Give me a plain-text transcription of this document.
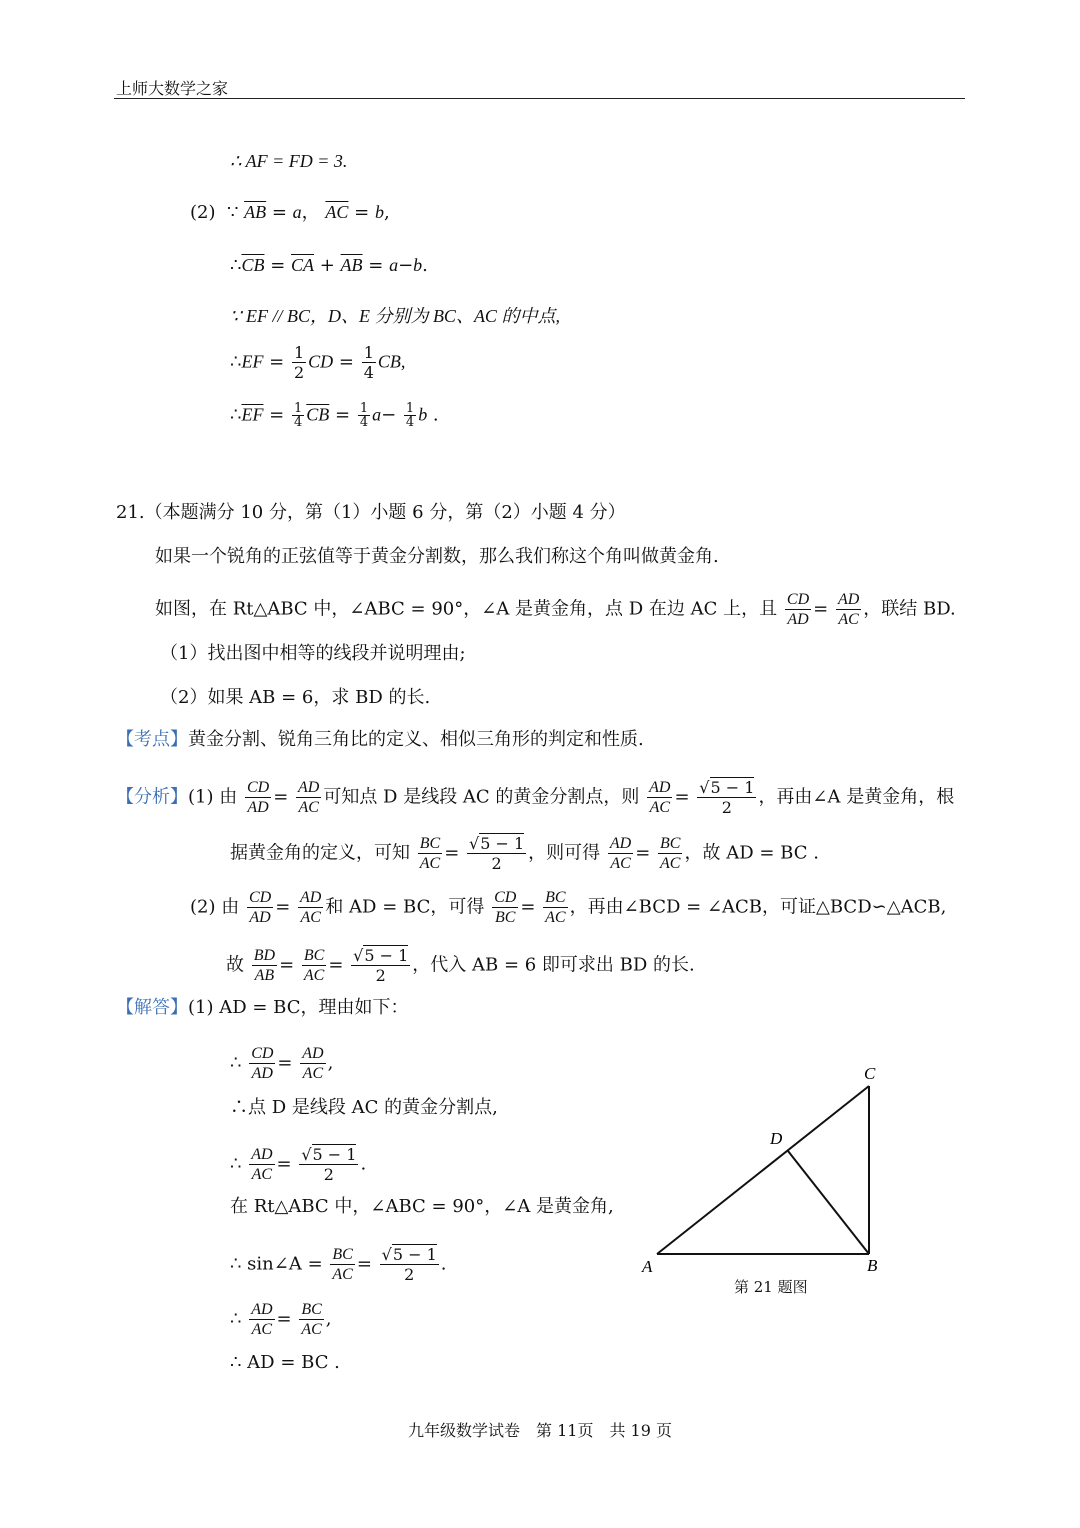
上师大数学之家
∴ AF = FD = 3.
(2) ∵ $\overline{AB} = a$， $\overline{AC} = b$,
$\therefore\overline{CB} = \overline{CA} + \overline{AB} = a-b$.
∵ EF // BC，D、E 分别为 BC、AC 的中点,
∴EF = $\frac{1}{2}$ CD = $\frac{1}{4}$ CB,
$\therefore\overline{EF} = \frac{1}{4} \overline{CB} = \frac{1}{4} a- \frac{1}{4}$ b .
21.（本题满分 10 分，第（1）小题 6 分，第（2）小题 4 分）
如果一个锐角的正弦值等于黄金分割数，那么我们称这个角叫做黄金角.
如图，在 Rt△ABC 中，∠ABC = 90°，∠A 是黄金角，点 D 在边 AC 上，且 $\frac{CD}{AD} = \frac{AD}{AC}$ ，联结 BD.
（1）找出图中相等的线段并说明理由;
（2）如果 AB = 6，求 BD 的长.
【考点】黄金分割、锐角三角比的定义、相似三角形的判定和性质.
【分析】(1) 由 $\frac{CD}{AD} = \frac{AD}{AC}$ 可知点 D 是线段 AC 的黄金分割点，则 $\frac{AD}{AC} = \frac{√5 - 1}{2}$ ，再由∠A 是黄金角，根
据黄金角的定义，可知 $\frac{BC}{AC} = \frac{√5 - 1}{2}$ ，则可得 $\frac{AD}{AC} = \frac{BC}{AC}$ ，故 AD = BC .
(2) 由 $\frac{CD}{AD} = \frac{AD}{AC}$ 和 AD = BC，可得 $\frac{CD}{BC} = \frac{BC}{AC}$ ，再由∠BCD = ∠ACB，可证△BCD∽△ACB,
故 $\frac{BD}{AB} = \frac{BC}{AC} = \frac{√5 - 1}{2}$ ，代入 AB = 6 即可求出 BD 的长.
【解答】(1) AD = BC，理由如下：
∴ $\frac{CD}{AD} = \frac{AD}{AC}$ ,
∴点 D 是线段 AC 的黄金分割点,
∴ $\frac{AD}{AC} = \frac{√5 - 1}{2}$ .
在 Rt△ABC 中，∠ABC = 90°，∠A 是黄金角,
∴ sin∠A = $\frac{BC}{AC} = \frac{√5 - 1}{2}$ .
∴ $\frac{AD}{AC} = \frac{BC}{AC}$ ,
∴ AD = BC .
A	B
C
D
第 21 题图
九年级数学试卷　第 11页　共 19 页
